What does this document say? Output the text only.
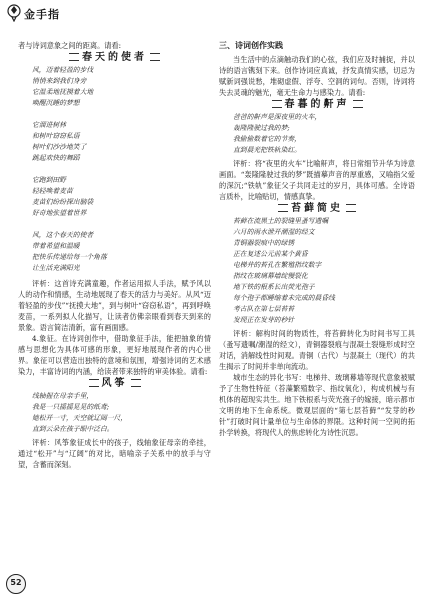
金手指

者与诗词意象之间的距离。请看:

春天的使者
风，迈着轻盈的步伐
悄悄来到我们身旁
它温柔地抚摸着大地
唤醒沉睡的梦想
它溜进树林
和树叶窃窃私语
树叶们沙沙地笑了
跳起欢快的舞蹈
它跑到田野
轻轻唤着麦苗
麦苗们纷纷探出脑袋
好奇地张望着世界
风，这个春天的使者
带着希望和温暖
把快乐传递给每一个角落
让生活充满阳光

评析：这首诗充满童趣，作者运用拟人手法，赋予风以人的动作和情感，生动地展现了春天的活力与美好。从风“迈着轻盈的步伐”“抚摸大地”，到与树叶“窃窃私语”，再到呼唤麦苗，一系列拟人化描写，让读者仿佛亲眼看到春天到来的景象。语言简洁清新，富有画面感。

4.象征。在诗词创作中，借助象征手法，能把抽象的情感与思想化为具体可感的形象，更好地展现作者的内心世界。象征可以营造出独特的意境和氛围，增强诗词的艺术感染力，丰富诗词的内涵，给读者带来独特的审美体验。请看:

风筝
线轴握在母亲手里，
我是一只摇摇晃晃的纸鸢;
她松开一寸，天空就辽阔一尺，
直到云朵在孩子眼中泛白。

评析：风筝象征成长中的孩子，线轴象征母亲的牵挂，通过“松开”与“辽阔”的对比，暗喻亲子关系中的放手与守望，含蓄而深刻。

三、诗词创作实践

当生活中的点滴触动我们的心弦，我们应及时捕捉，并以诗的语言镌刻下来。创作诗词应真诚，抒发真情实感，切忌为赋新词强说愁，堆砌虚假、浮夸、空洞的词句。否则，诗词将失去灵魂的魅光，毫无生命力与感染力。请看:

春暮的鼾声
爸爸的鼾声是深夜里的火车，
轰隆隆驶过我的梦;
我偷偷数着它的节奏，
直到晨光把铁轨染红。

评析：将“夜里的火车”比喻鼾声，将日常细节升华为诗意画面。“轰隆隆驶过我的梦”既描摹声音的厚重感，又喻指父爱的深沉;“铁轨”象征父子共同走过的岁月，具体可感。全诗语言质朴，比喻贴切，情感真挚。

苔藓简史
苔藓在流黑土的裂缝里蚤写遗嘱
六月的雨水泄开潮湿的经文
青铜器裂痕中的绿锈
正在复述公元前某个黄昏
电梯井的苔孔在繁殖指纹数字
指纹在玻璃幕墙绽慢裂化
地下铁的根系长出荧光孢子
每个孢子都睡缩着未完成的晨昏线
考古队在第七层苔苔
发现正在发芽的秒针

评析：解构时间的物质性，将苔藓转化为时间书写工具（蚤写遗嘱/潮湿的经文），青铜器裂痕与混凝土裂缝形成时空对话，消解线性时间观。青铜（古代）与混凝土（现代）的共生揭示了时间并非单向流动。

城市生态的异化书写：电梯井、玻璃幕墙等现代意象被赋予了生物性特征（苔藻繁殖数字、指纹氧化），构成机械与有机体的超现实共生。地下铁根系与荧光孢子的嫁接，暗示都市文明的地下生命系统。微观层面的“第七层苔藓”“发芽的秒针”打破时间计量单位与生命体的界限。这种时间一空间的拓扑学转换，将现代人的焦虑转化为诗性沉思。

52
